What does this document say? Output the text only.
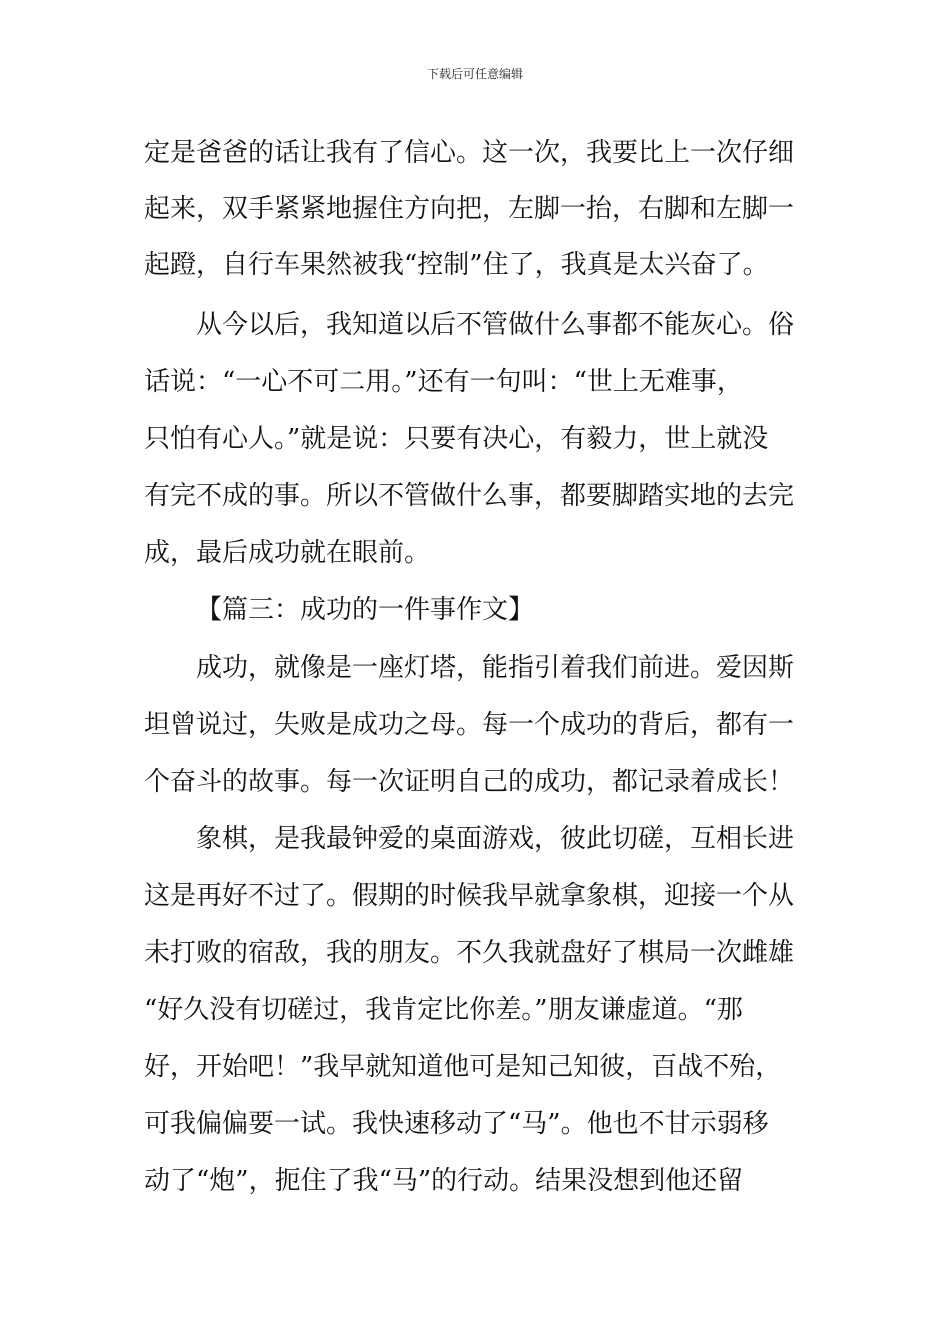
下载后可任意编辑
定是爸爸的话让我有了信心。这一次，我要比上一次仔细
起来，双手紧紧地握住方向把，左脚一抬，右脚和左脚一
起蹬，自行车果然被我“控制”住了，我真是太兴奋了。
从今以后，我知道以后不管做什么事都不能灰心。俗
话说：“一心不可二用。”还有一句叫：“世上无难事，
只怕有心人。”就是说：只要有决心，有毅力，世上就没
有完不成的事。所以不管做什么事，都要脚踏实地的去完
成，最后成功就在眼前。
【篇三：成功的一件事作文】
成功，就像是一座灯塔，能指引着我们前进。爱因斯
坦曾说过，失败是成功之母。每一个成功的背后，都有一
个奋斗的故事。每一次证明自己的成功，都记录着成长！
象棋，是我最钟爱的桌面游戏，彼此切磋，互相长进
这是再好不过了。假期的时候我早就拿象棋，迎接一个从
未打败的宿敌，我的朋友。不久我就盘好了棋局一次雌雄
“好久没有切磋过，我肯定比你差。”朋友谦虚道。“那
好，开始吧！”我早就知道他可是知己知彼，百战不殆，
可我偏偏要一试。我快速移动了“马”。他也不甘示弱移
动了“炮”，扼住了我“马”的行动。结果没想到他还留
